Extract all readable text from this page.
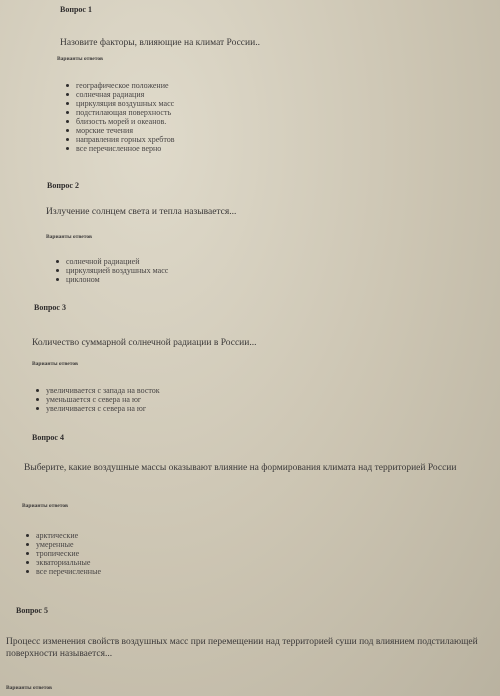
Вопрос 1
Назовите факторы, влияющие на климат России..
Варианты ответов
географическое положение
солнечная радиация
циркуляция воздушных масс
подстилающая поверхность
близость морей и океанов.
морские течения
направления горных хребтов
все перечисленное верно
Вопрос 2
Излучение солнцем света и тепла называется...
Варианты ответов
солнечной радиацией
циркуляцией воздушных масс
циклоном
Вопрос 3
Количество суммарной солнечной радиации в России...
Варианты ответов
увеличивается с запада на восток
уменьшается с севера на юг
увеличивается с севера на юг
Вопрос 4
Выберите, какие воздушные массы оказывают влияние на формирования климата над территорией России
Варианты ответов
арктические
умеренные
тропические
экваториальные
все перечисленные
Вопрос 5
Процесс изменения свойств воздушных масс при перемещении над территорией суши под влиянием подстилающей поверхности называется...
Варианты ответов
